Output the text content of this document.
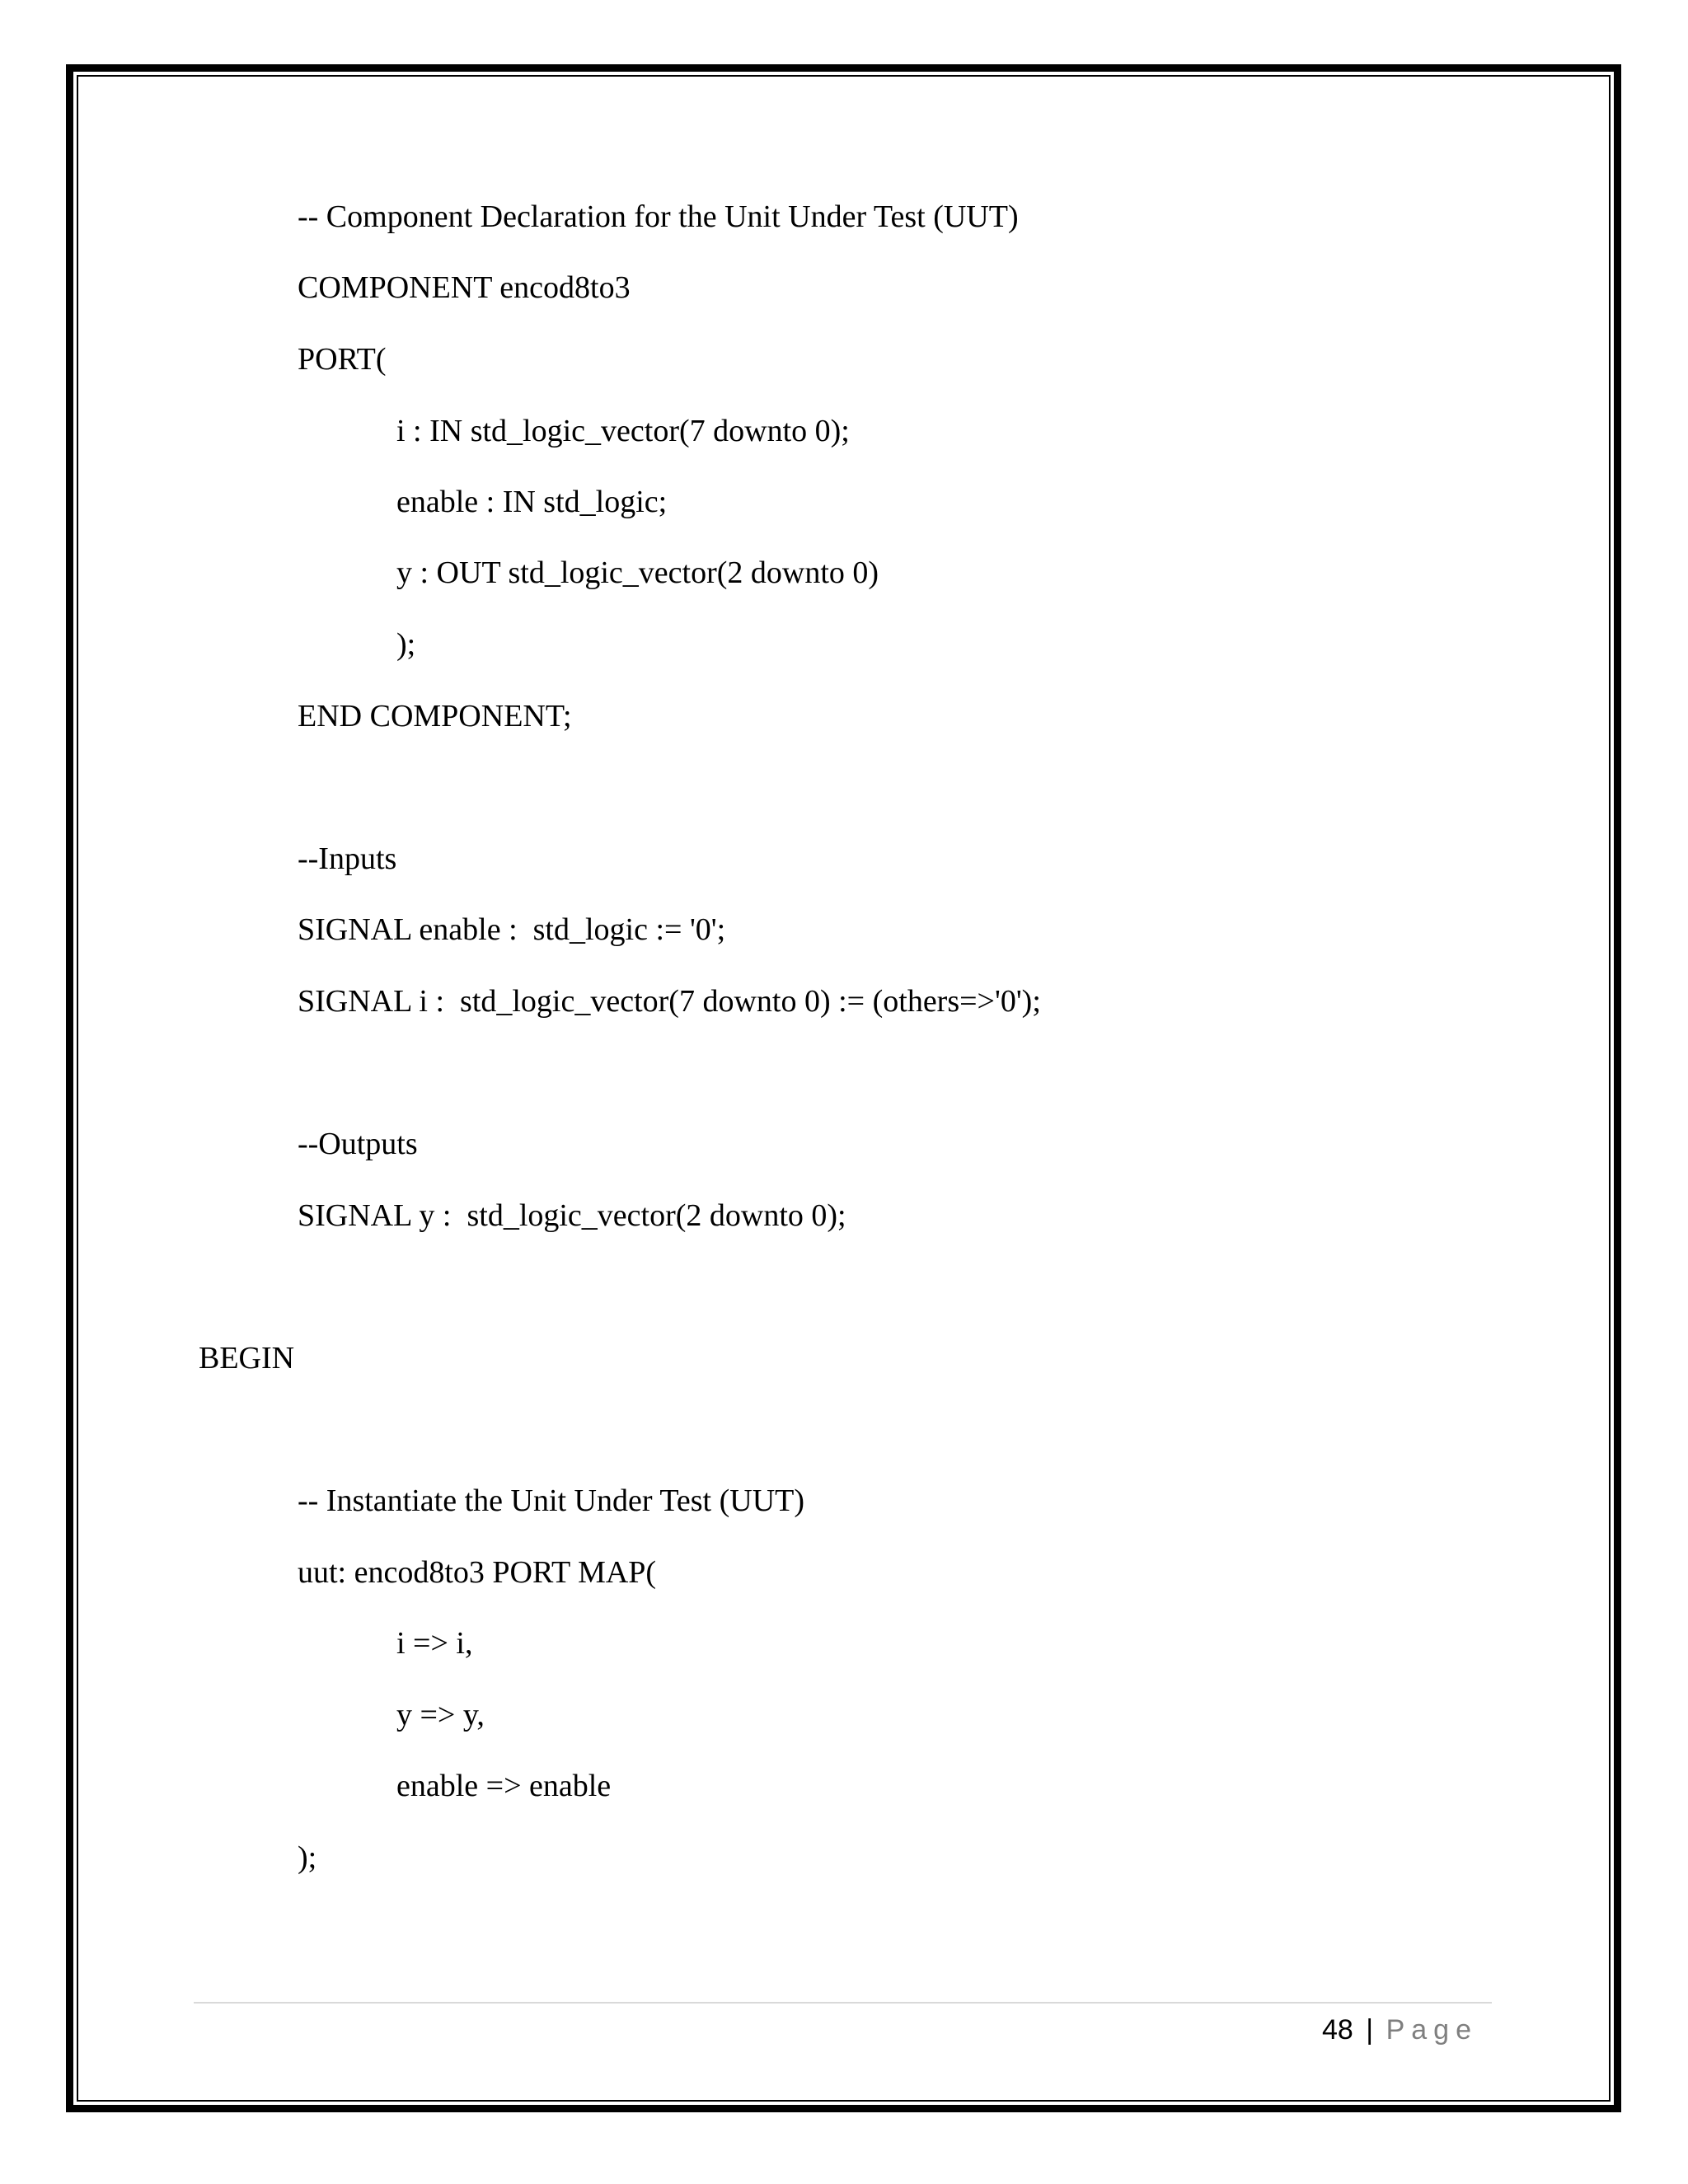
-- Component Declaration for the Unit Under Test (UUT)
COMPONENT encod8to3
PORT(
i : IN std_logic_vector(7 downto 0);
enable : IN std_logic;
y : OUT std_logic_vector(2 downto 0)
);
END COMPONENT;
--Inputs
SIGNAL enable :  std_logic := '0';
SIGNAL i :  std_logic_vector(7 downto 0) := (others=>'0');
--Outputs
SIGNAL y :  std_logic_vector(2 downto 0);
BEGIN
-- Instantiate the Unit Under Test (UUT)
uut: encod8to3 PORT MAP(
i => i,
y => y,
enable => enable
);
48 | Page
